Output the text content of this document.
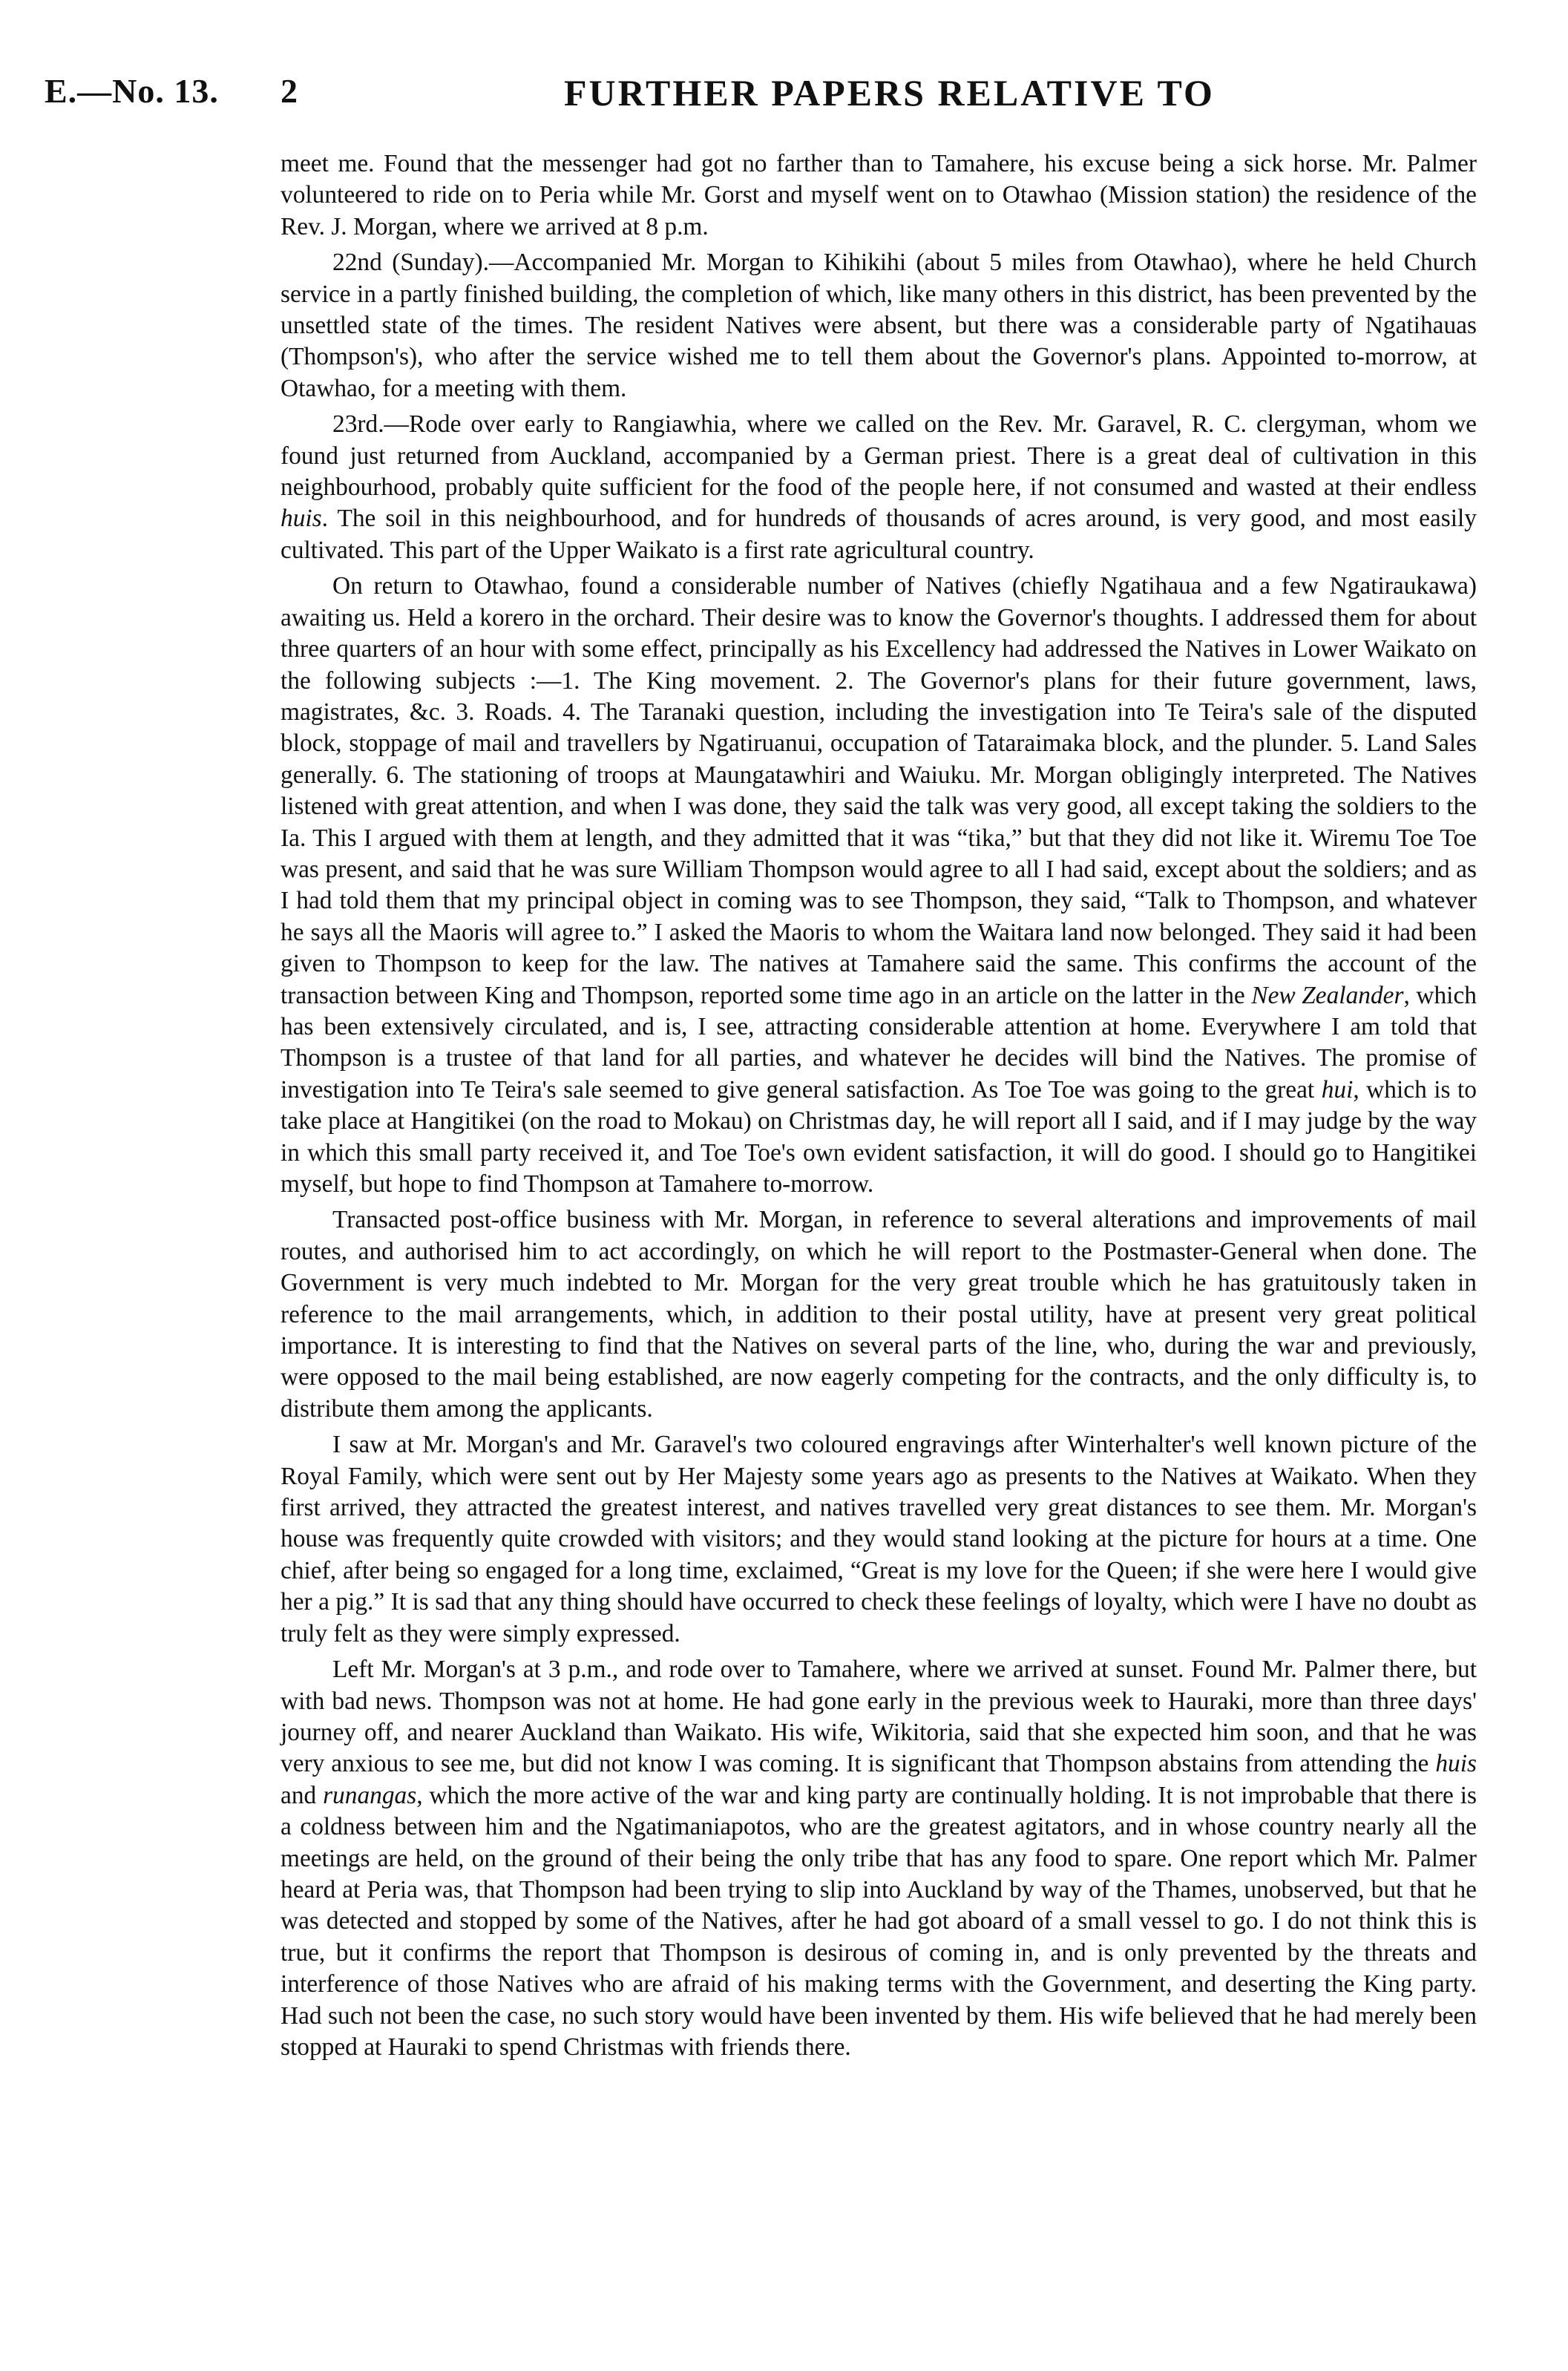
E.—No. 13. 2	FURTHER PAPERS RELATIVE TO

meet me. Found that the messenger had got no farther than to Tamahere, his excuse being a sick horse. Mr. Palmer volunteered to ride on to Peria while Mr. Gorst and myself went on to Otawhao (Mission station) the residence of the Rev. J. Morgan, where we arrived at 8 p.m.

22nd (Sunday).—Accompanied Mr. Morgan to Kihikihi (about 5 miles from Otawhao), where he held Church service in a partly finished building, the completion of which, like many others in this district, has been prevented by the unsettled state of the times. The resident Natives were absent, but there was a considerable party of Ngatihauas (Thompson's), who after the service wished me to tell them about the Governor's plans. Appointed to-morrow, at Otawhao, for a meeting with them.

23rd.—Rode over early to Rangiawhia, where we called on the Rev. Mr. Garavel, R. C. clergyman, whom we found just returned from Auckland, accompanied by a German priest. There is a great deal of cultivation in this neighbourhood, probably quite sufficient for the food of the people here, if not consumed and wasted at their endless huis. The soil in this neighbourhood, and for hundreds of thousands of acres around, is very good, and most easily cultivated. This part of the Upper Waikato is a first rate agricultural country.

On return to Otawhao, found a considerable number of Natives (chiefly Ngatihaua and a few Ngatiraukawa) awaiting us. Held a korero in the orchard. Their desire was to know the Governor's thoughts. I addressed them for about three quarters of an hour with some effect, principally as his Excellency had addressed the Natives in Lower Waikato on the following subjects :—1. The King movement. 2. The Governor's plans for their future government, laws, magistrates, &c. 3. Roads. 4. The Taranaki question, including the investigation into Te Teira's sale of the disputed block, stoppage of mail and travellers by Ngatiruanui, occupation of Tataraimaka block, and the plunder. 5. Land Sales generally. 6. The stationing of troops at Maungatawhiri and Waiuku. Mr. Morgan obligingly interpreted. The Natives listened with great attention, and when I was done, they said the talk was very good, all except taking the soldiers to the Ia. This I argued with them at length, and they admitted that it was “tika,” but that they did not like it. Wiremu Toe Toe was present, and said that he was sure William Thompson would agree to all I had said, except about the soldiers; and as I had told them that my principal object in coming was to see Thompson, they said, “Talk to Thompson, and whatever he says all the Maoris will agree to.” I asked the Maoris to whom the Waitara land now belonged. They said it had been given to Thompson to keep for the law. The natives at Tamahere said the same. This confirms the account of the transaction between King and Thompson, reported some time ago in an article on the latter in the New Zealander, which has been extensively circulated, and is, I see, attracting considerable attention at home. Everywhere I am told that Thompson is a trustee of that land for all parties, and whatever he decides will bind the Natives. The promise of investigation into Te Teira's sale seemed to give general satisfaction. As Toe Toe was going to the great hui, which is to take place at Hangitikei (on the road to Mokau) on Christmas day, he will report all I said, and if I may judge by the way in which this small party received it, and Toe Toe's own evident satisfaction, it will do good. I should go to Hangitikei myself, but hope to find Thompson at Tamahere to-morrow.

Transacted post-office business with Mr. Morgan, in reference to several alterations and improvements of mail routes, and authorised him to act accordingly, on which he will report to the Postmaster-General when done. The Government is very much indebted to Mr. Morgan for the very great trouble which he has gratuitously taken in reference to the mail arrangements, which, in addition to their postal utility, have at present very great political importance. It is interesting to find that the Natives on several parts of the line, who, during the war and previously, were opposed to the mail being established, are now eagerly competing for the contracts, and the only difficulty is, to distribute them among the applicants.

I saw at Mr. Morgan's and Mr. Garavel's two coloured engravings after Winterhalter's well known picture of the Royal Family, which were sent out by Her Majesty some years ago as presents to the Natives at Waikato. When they first arrived, they attracted the greatest interest, and natives travelled very great distances to see them. Mr. Morgan's house was frequently quite crowded with visitors; and they would stand looking at the picture for hours at a time. One chief, after being so engaged for a long time, exclaimed, “Great is my love for the Queen; if she were here I would give her a pig.” It is sad that any thing should have occurred to check these feelings of loyalty, which were I have no doubt as truly felt as they were simply expressed.

Left Mr. Morgan's at 3 p.m., and rode over to Tamahere, where we arrived at sunset. Found Mr. Palmer there, but with bad news. Thompson was not at home. He had gone early in the previous week to Hauraki, more than three days' journey off, and nearer Auckland than Waikato. His wife, Wikitoria, said that she expected him soon, and that he was very anxious to see me, but did not know I was coming. It is significant that Thompson abstains from attending the huis and runangas, which the more active of the war and king party are continually holding. It is not improbable that there is a coldness between him and the Ngatimaniapotos, who are the greatest agitators, and in whose country nearly all the meetings are held, on the ground of their being the only tribe that has any food to spare. One report which Mr. Palmer heard at Peria was, that Thompson had been trying to slip into Auckland by way of the Thames, unobserved, but that he was detected and stopped by some of the Natives, after he had got aboard of a small vessel to go. I do not think this is true, but it confirms the report that Thompson is desirous of coming in, and is only prevented by the threats and interference of those Natives who are afraid of his making terms with the Government, and deserting the King party. Had such not been the case, no such story would have been invented by them. His wife believed that he had merely been stopped at Hauraki to spend Christmas with friends there.
